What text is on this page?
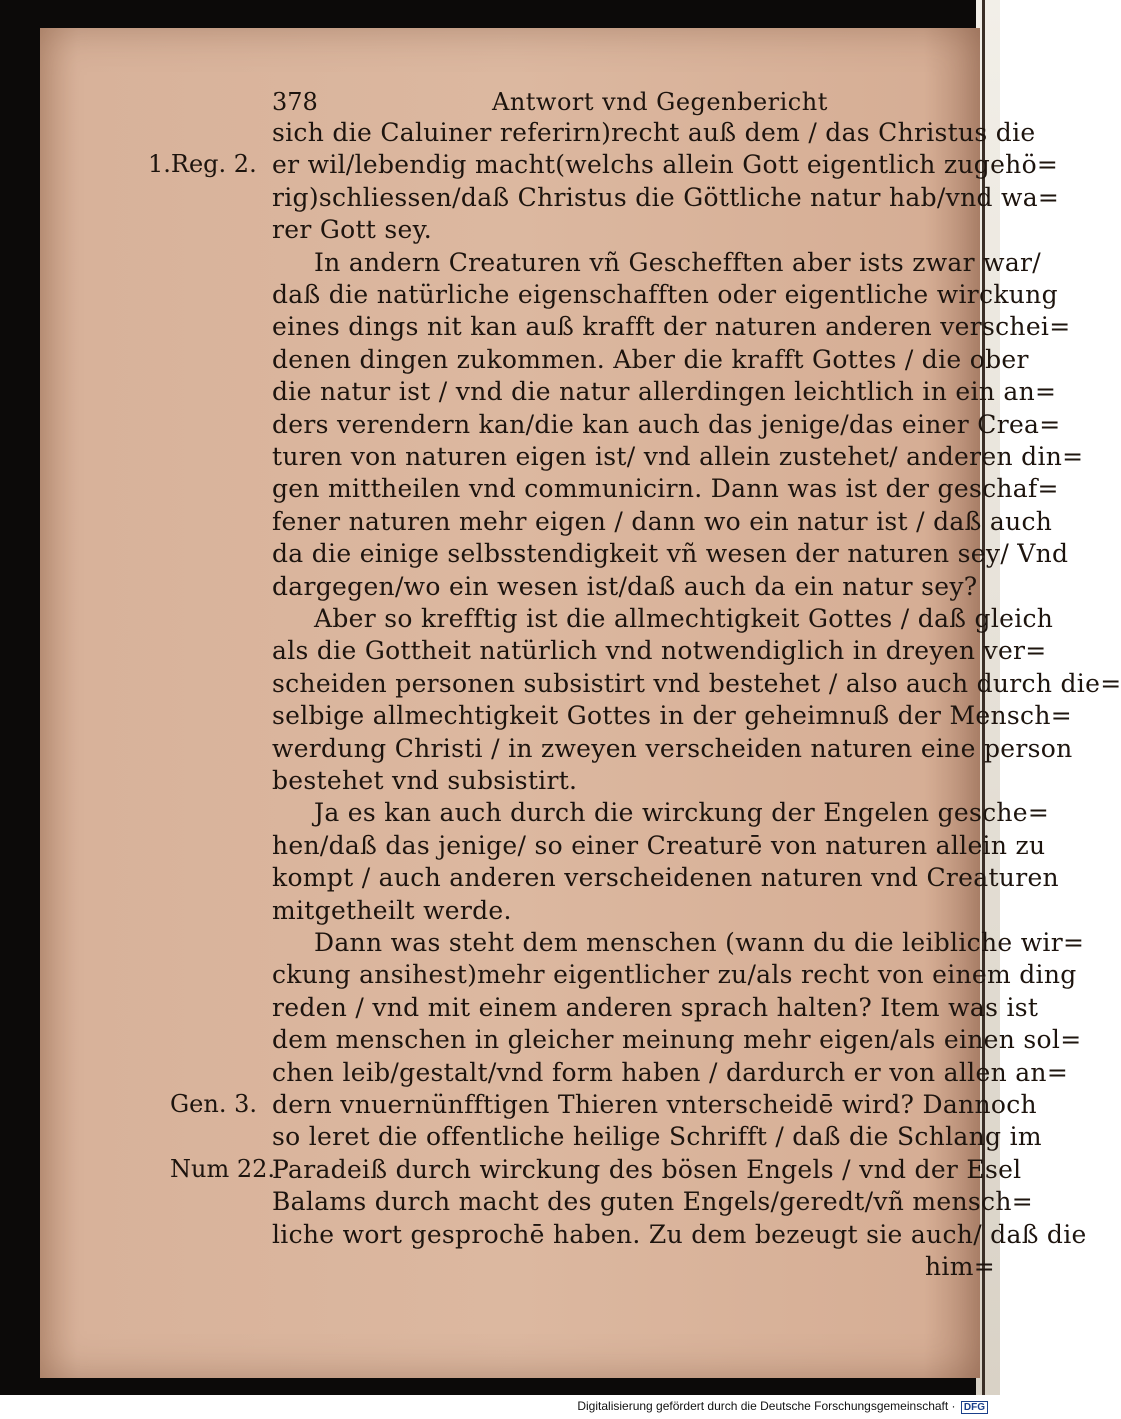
378	Antwort vnd Gegenbericht
sich die Caluiner referirn)recht auß dem / das Christus die
er wil/lebendig macht(welchs allein Gott eigentlich zugehö=
rig)schliessen/daß Christus die Göttliche natur hab/vnd wa=
rer Gott sey.
In andern Creaturen vñ Geschefften aber ists zwar war/
daß die natürliche eigenschafften oder eigentliche wirckung
eines dings nit kan auß krafft der naturen anderen verschei=
denen dingen zukommen. Aber die krafft Gottes / die ober
die natur ist / vnd die natur allerdingen leichtlich in ein an=
ders verendern kan/die kan auch das jenige/das einer Crea=
turen von naturen eigen ist/ vnd allein zustehet/ anderen din=
gen mittheilen vnd communicirn. Dann was ist der geschaf=
fener naturen mehr eigen / dann wo ein natur ist / daß auch
da die einige selbsstendigkeit vñ wesen der naturen sey/ Vnd
dargegen/wo ein wesen ist/daß auch da ein natur sey?
Aber so krefftig ist die allmechtigkeit Gottes / daß gleich
als die Gottheit natürlich vnd notwendiglich in dreyen ver=
scheiden personen subsistirt vnd bestehet / also auch durch die=
selbige allmechtigkeit Gottes in der geheimnuß der Mensch=
werdung Christi / in zweyen verscheiden naturen eine person
bestehet vnd subsistirt.
Ja es kan auch durch die wirckung der Engelen gesche=
hen/daß das jenige/ so einer Creaturē von naturen allein zu
kompt / auch anderen verscheidenen naturen vnd Creaturen
mitgetheilt werde.
Dann was steht dem menschen (wann du die leibliche wir=
ckung ansihest)mehr eigentlicher zu/als recht von einem ding
reden / vnd mit einem anderen sprach halten? Item was ist
dem menschen in gleicher meinung mehr eigen/als einen sol=
chen leib/gestalt/vnd form haben / dardurch er von allen an=
dern vnuernünfftigen Thieren vnterscheidē wird? Dannoch
so leret die offentliche heilige Schrifft / daß die Schlang im
Paradeiß durch wirckung des bösen Engels / vnd der Esel
Balams durch macht des guten Engels/geredt/vñ mensch=
liche wort gesprochē haben. Zu dem bezeugt sie auch/ daß die
him=
1.Reg. 2.
Gen. 3.
Num 22.
Digitalisierung gefördert durch die Deutsche Forschungsgemeinschaft · DFG
